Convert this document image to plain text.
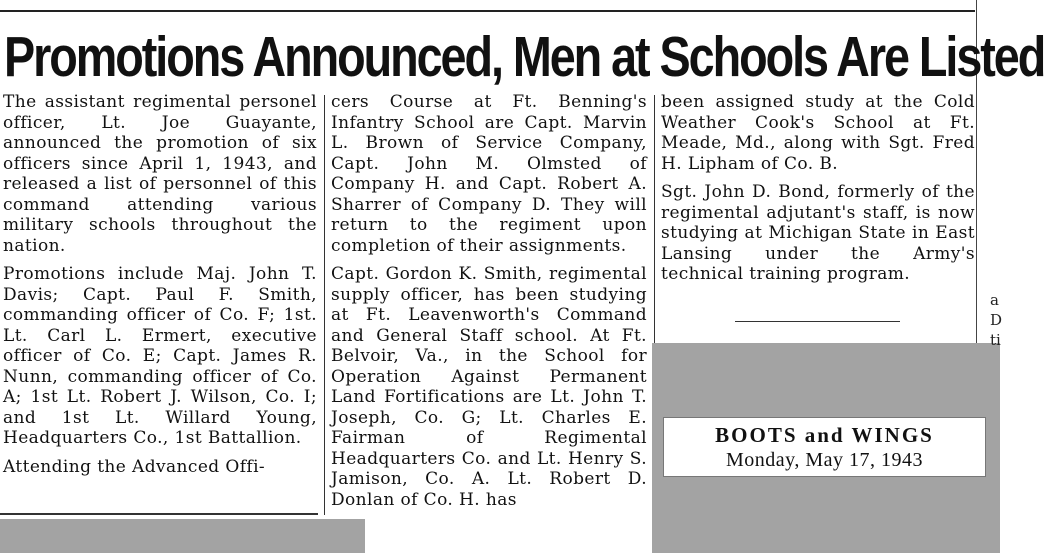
Promotions Announced, Men at Schools Are Listed

The assistant regimental personel officer, Lt. Joe Guayante, announced the promotion of six officers since April 1, 1943, and released a list of personnel of this command attending various military schools throughout the nation.

Promotions include Maj. John T. Davis; Capt. Paul F. Smith, commanding officer of Co. F; 1st. Lt. Carl L. Ermert, executive officer of Co. E; Capt. James R. Nunn, commanding officer of Co. A; 1st Lt. Robert J. Wilson, Co. I; and 1st Lt. Willard Young, Headquarters Co., 1st Battallion.

Attending the Advanced Offi-

cers Course at Ft. Benning's Infantry School are Capt. Marvin L. Brown of Service Company, Capt. John M. Olmsted of Company H. and Capt. Robert A. Sharrer of Company D. They will return to the regiment upon completion of their assignments.

Capt. Gordon K. Smith, regimental supply officer, has been studying at Ft. Leavenworth's Command and General Staff school. At Ft. Belvoir, Va., in the School for Operation Against Permanent Land Fortifications are Lt. John T. Joseph, Co. G; Lt. Charles E. Fairman of Regimental Headquarters Co. and Lt. Henry S. Jamison, Co. A. Lt. Robert D. Donlan of Co. H. has

been assigned study at the Cold Weather Cook's School at Ft. Meade, Md., along with Sgt. Fred H. Lipham of Co. B.

Sgt. John D. Bond, formerly of the regimental adjutant's staff, is now studying at Michigan State in East Lansing under the Army's technical training program.

BOOTS and WINGS
Monday, May 17, 1943
a
D
ti
